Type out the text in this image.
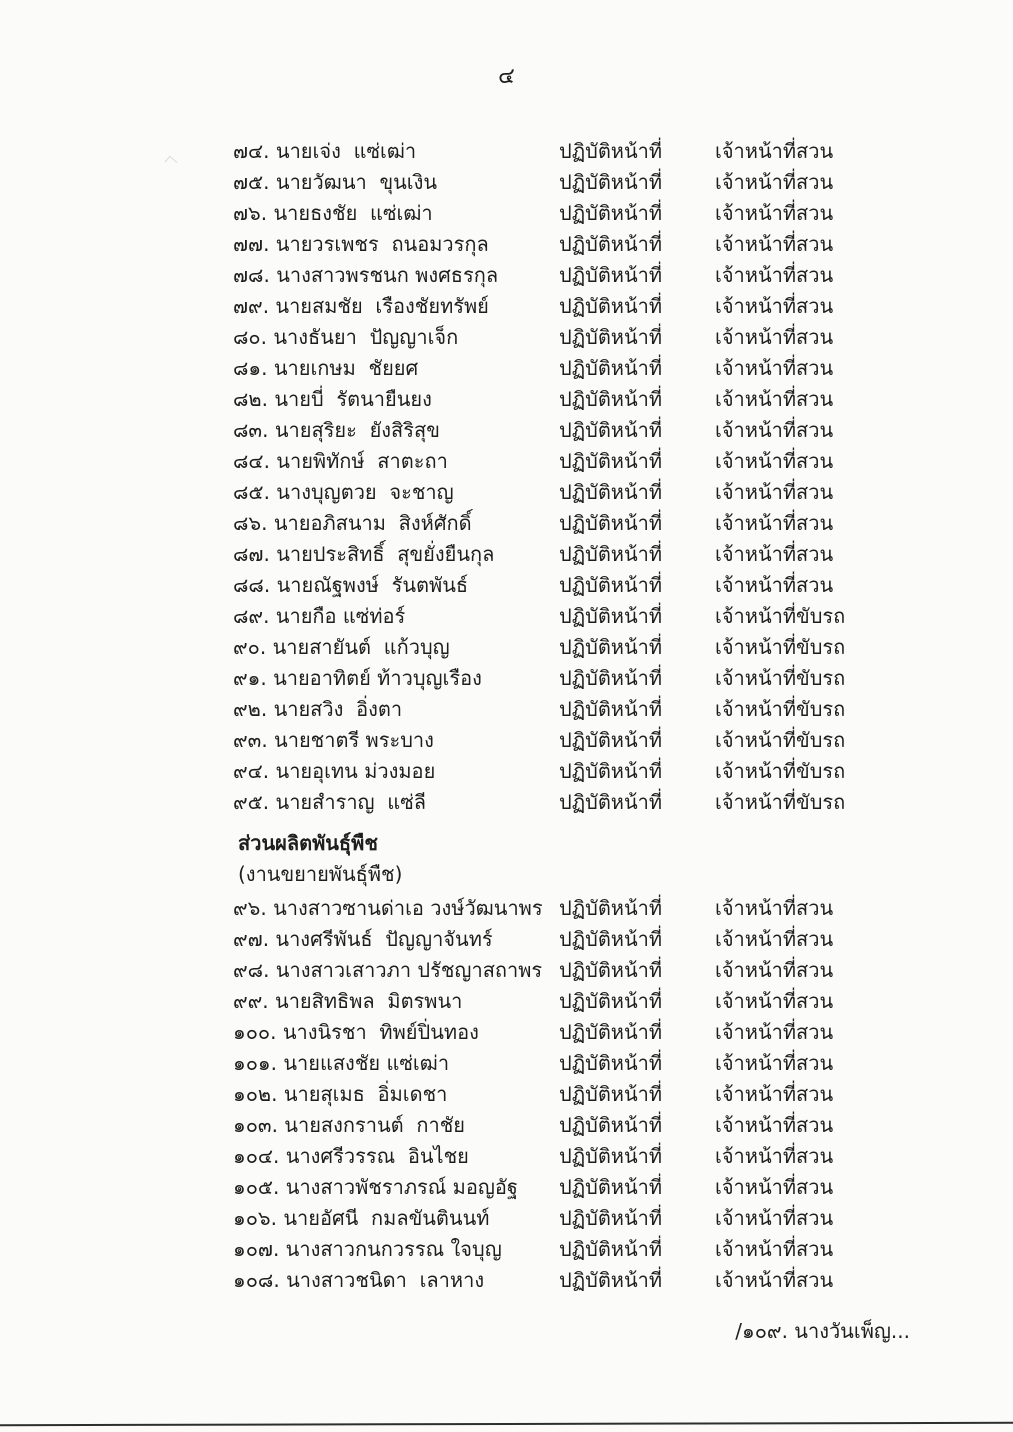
๔
๗๔. นายเจ่ง  แซ่เฒ่า	ปฏิบัติหน้าที่	เจ้าหน้าที่สวน
๗๕. นายวัฒนา  ขุนเงิน	ปฏิบัติหน้าที่	เจ้าหน้าที่สวน
๗๖. นายธงชัย  แซ่เฒ่า	ปฏิบัติหน้าที่	เจ้าหน้าที่สวน
๗๗. นายวรเพชร  ถนอมวรกุล	ปฏิบัติหน้าที่	เจ้าหน้าที่สวน
๗๘. นางสาวพรชนก พงศธรกุล	ปฏิบัติหน้าที่	เจ้าหน้าที่สวน
๗๙. นายสมชัย  เรืองชัยทรัพย์	ปฏิบัติหน้าที่	เจ้าหน้าที่สวน
๘๐. นางธันยา  ปัญญาเจ็ก	ปฏิบัติหน้าที่	เจ้าหน้าที่สวน
๘๑. นายเกษม  ชัยยศ	ปฏิบัติหน้าที่	เจ้าหน้าที่สวน
๘๒. นายบี่  รัตนายืนยง	ปฏิบัติหน้าที่	เจ้าหน้าที่สวน
๘๓. นายสุริยะ  ยังสิริสุข	ปฏิบัติหน้าที่	เจ้าหน้าที่สวน
๘๔. นายพิทักษ์  สาตะถา	ปฏิบัติหน้าที่	เจ้าหน้าที่สวน
๘๕. นางบุญตวย  จะชาญ	ปฏิบัติหน้าที่	เจ้าหน้าที่สวน
๘๖. นายอภิสนาม  สิงห์ศักดิ์	ปฏิบัติหน้าที่	เจ้าหน้าที่สวน
๘๗. นายประสิทธิ์  สุขยั่งยืนกุล	ปฏิบัติหน้าที่	เจ้าหน้าที่สวน
๘๘. นายณัฐพงษ์  รันตพันธ์	ปฏิบัติหน้าที่	เจ้าหน้าที่สวน
๘๙. นายกือ แซ่ท่อร์	ปฏิบัติหน้าที่	เจ้าหน้าที่ขับรถ
๙๐. นายสายันต์  แก้วบุญ	ปฏิบัติหน้าที่	เจ้าหน้าที่ขับรถ
๙๑. นายอาทิตย์ ท้าวบุญเรือง	ปฏิบัติหน้าที่	เจ้าหน้าที่ขับรถ
๙๒. นายสวิง  อิ่งตา	ปฏิบัติหน้าที่	เจ้าหน้าที่ขับรถ
๙๓. นายชาตรี พระบาง	ปฏิบัติหน้าที่	เจ้าหน้าที่ขับรถ
๙๔. นายอุเทน ม่วงมอย	ปฏิบัติหน้าที่	เจ้าหน้าที่ขับรถ
๙๕. นายสำราญ  แซ่ลี	ปฏิบัติหน้าที่	เจ้าหน้าที่ขับรถ
ส่วนผลิตพันธุ์พืช
(งานขยายพันธุ์พืช)
๙๖. นางสาวซานด่าเอ วงษ์วัฒนาพร ปฏิบัติหน้าที่	เจ้าหน้าที่สวน
๙๗. นางศรีพันธ์  ปัญญาจันทร์	ปฏิบัติหน้าที่	เจ้าหน้าที่สวน
๙๘. นางสาวเสาวภา ปรัชญาสถาพร ปฏิบัติหน้าที่	เจ้าหน้าที่สวน
๙๙. นายสิทธิพล  มิตรพนา	ปฏิบัติหน้าที่	เจ้าหน้าที่สวน
๑๐๐. นางนิรชา  ทิพย์ปิ่นทอง	ปฏิบัติหน้าที่	เจ้าหน้าที่สวน
๑๐๑. นายแสงชัย แซ่เฒ่า	ปฏิบัติหน้าที่	เจ้าหน้าที่สวน
๑๐๒. นายสุเมธ  อิ่มเดชา	ปฏิบัติหน้าที่	เจ้าหน้าที่สวน
๑๐๓. นายสงกรานต์  กาชัย	ปฏิบัติหน้าที่	เจ้าหน้าที่สวน
๑๐๔. นางศรีวรรณ  อินไชย	ปฏิบัติหน้าที่	เจ้าหน้าที่สวน
๑๐๕. นางสาวพัชราภรณ์ มอญอัฐ	ปฏิบัติหน้าที่	เจ้าหน้าที่สวน
๑๐๖. นายอัศนี  กมลขันตินนท์	ปฏิบัติหน้าที่	เจ้าหน้าที่สวน
๑๐๗. นางสาวกนกวรรณ ใจบุญ	ปฏิบัติหน้าที่	เจ้าหน้าที่สวน
๑๐๘. นางสาวชนิดา  เลาหาง	ปฏิบัติหน้าที่	เจ้าหน้าที่สวน
/๑๐๙. นางวันเพ็ญ...
